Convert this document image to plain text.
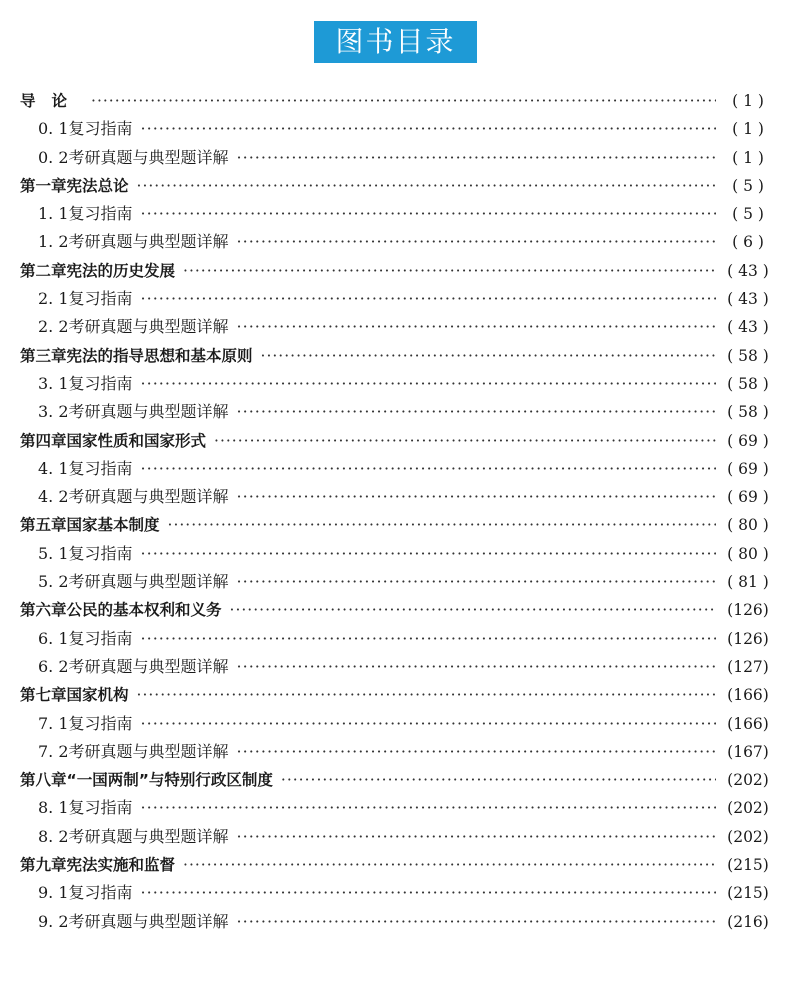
图书目录
导论 ·····	( 1 )
0. 1 复习指南 ·····	( 1 )
0. 2 考研真题与典型题详解 ·····	( 1 )
第一章 宪法总论 ·····	( 5 )
1. 1 复习指南 ·····	( 5 )
1. 2 考研真题与典型题详解 ·····	( 6 )
第二章 宪法的历史发展 ·····	( 43 )
2. 1 复习指南 ·····	( 43 )
2. 2 考研真题与典型题详解 ·····	( 43 )
第三章 宪法的指导思想和基本原则 ·····	( 58 )
3. 1 复习指南 ·····	( 58 )
3. 2 考研真题与典型题详解 ·····	( 58 )
第四章 国家性质和国家形式 ·····	( 69 )
4. 1 复习指南 ·····	( 69 )
4. 2 考研真题与典型题详解 ·····	( 69 )
第五章 国家基本制度 ·····	( 80 )
5. 1 复习指南 ·····	( 80 )
5. 2 考研真题与典型题详解 ·····	( 81 )
第六章 公民的基本权利和义务 ·····	(126)
6. 1 复习指南 ·····	(126)
6. 2 考研真题与典型题详解 ·····	(127)
第七章 国家机构 ·····	(166)
7. 1 复习指南 ·····	(166)
7. 2 考研真题与典型题详解 ·····	(167)
第八章 “一国两制”与特别行政区制度 ·····	(202)
8. 1 复习指南 ·····	(202)
8. 2 考研真题与典型题详解 ·····	(202)
第九章 宪法实施和监督 ·····	(215)
9. 1 复习指南 ·····	(215)
9. 2 考研真题与典型题详解 ·····	(216)
